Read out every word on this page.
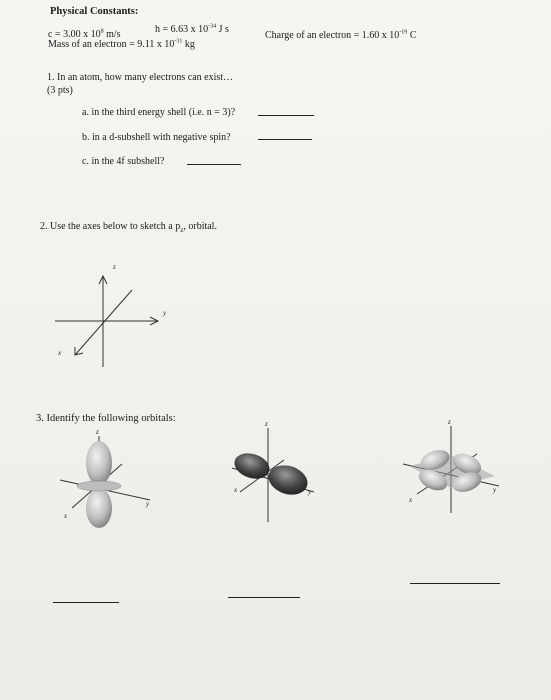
Physical Constants:
c = 3.00 x $10^8$ m/s	h = 6.63 x $10^{-34}$ J s
Mass of an electron = 9.11 x $10^{-31}$ kg
Charge of an electron = 1.60 x $10^{-19}$ C
1. In an atom, how many electrons can exist…
(3 pts)
a. in the third energy shell (i.e. n = 3)?
b. in a d-subshell with negative spin?
c. in the 4f subshell?
2. Use the axes below to sketch a $p_z$, orbital.
z
y
x
3. Identify the following orbitals:
z
y
x
z
y
x
z
y
x
